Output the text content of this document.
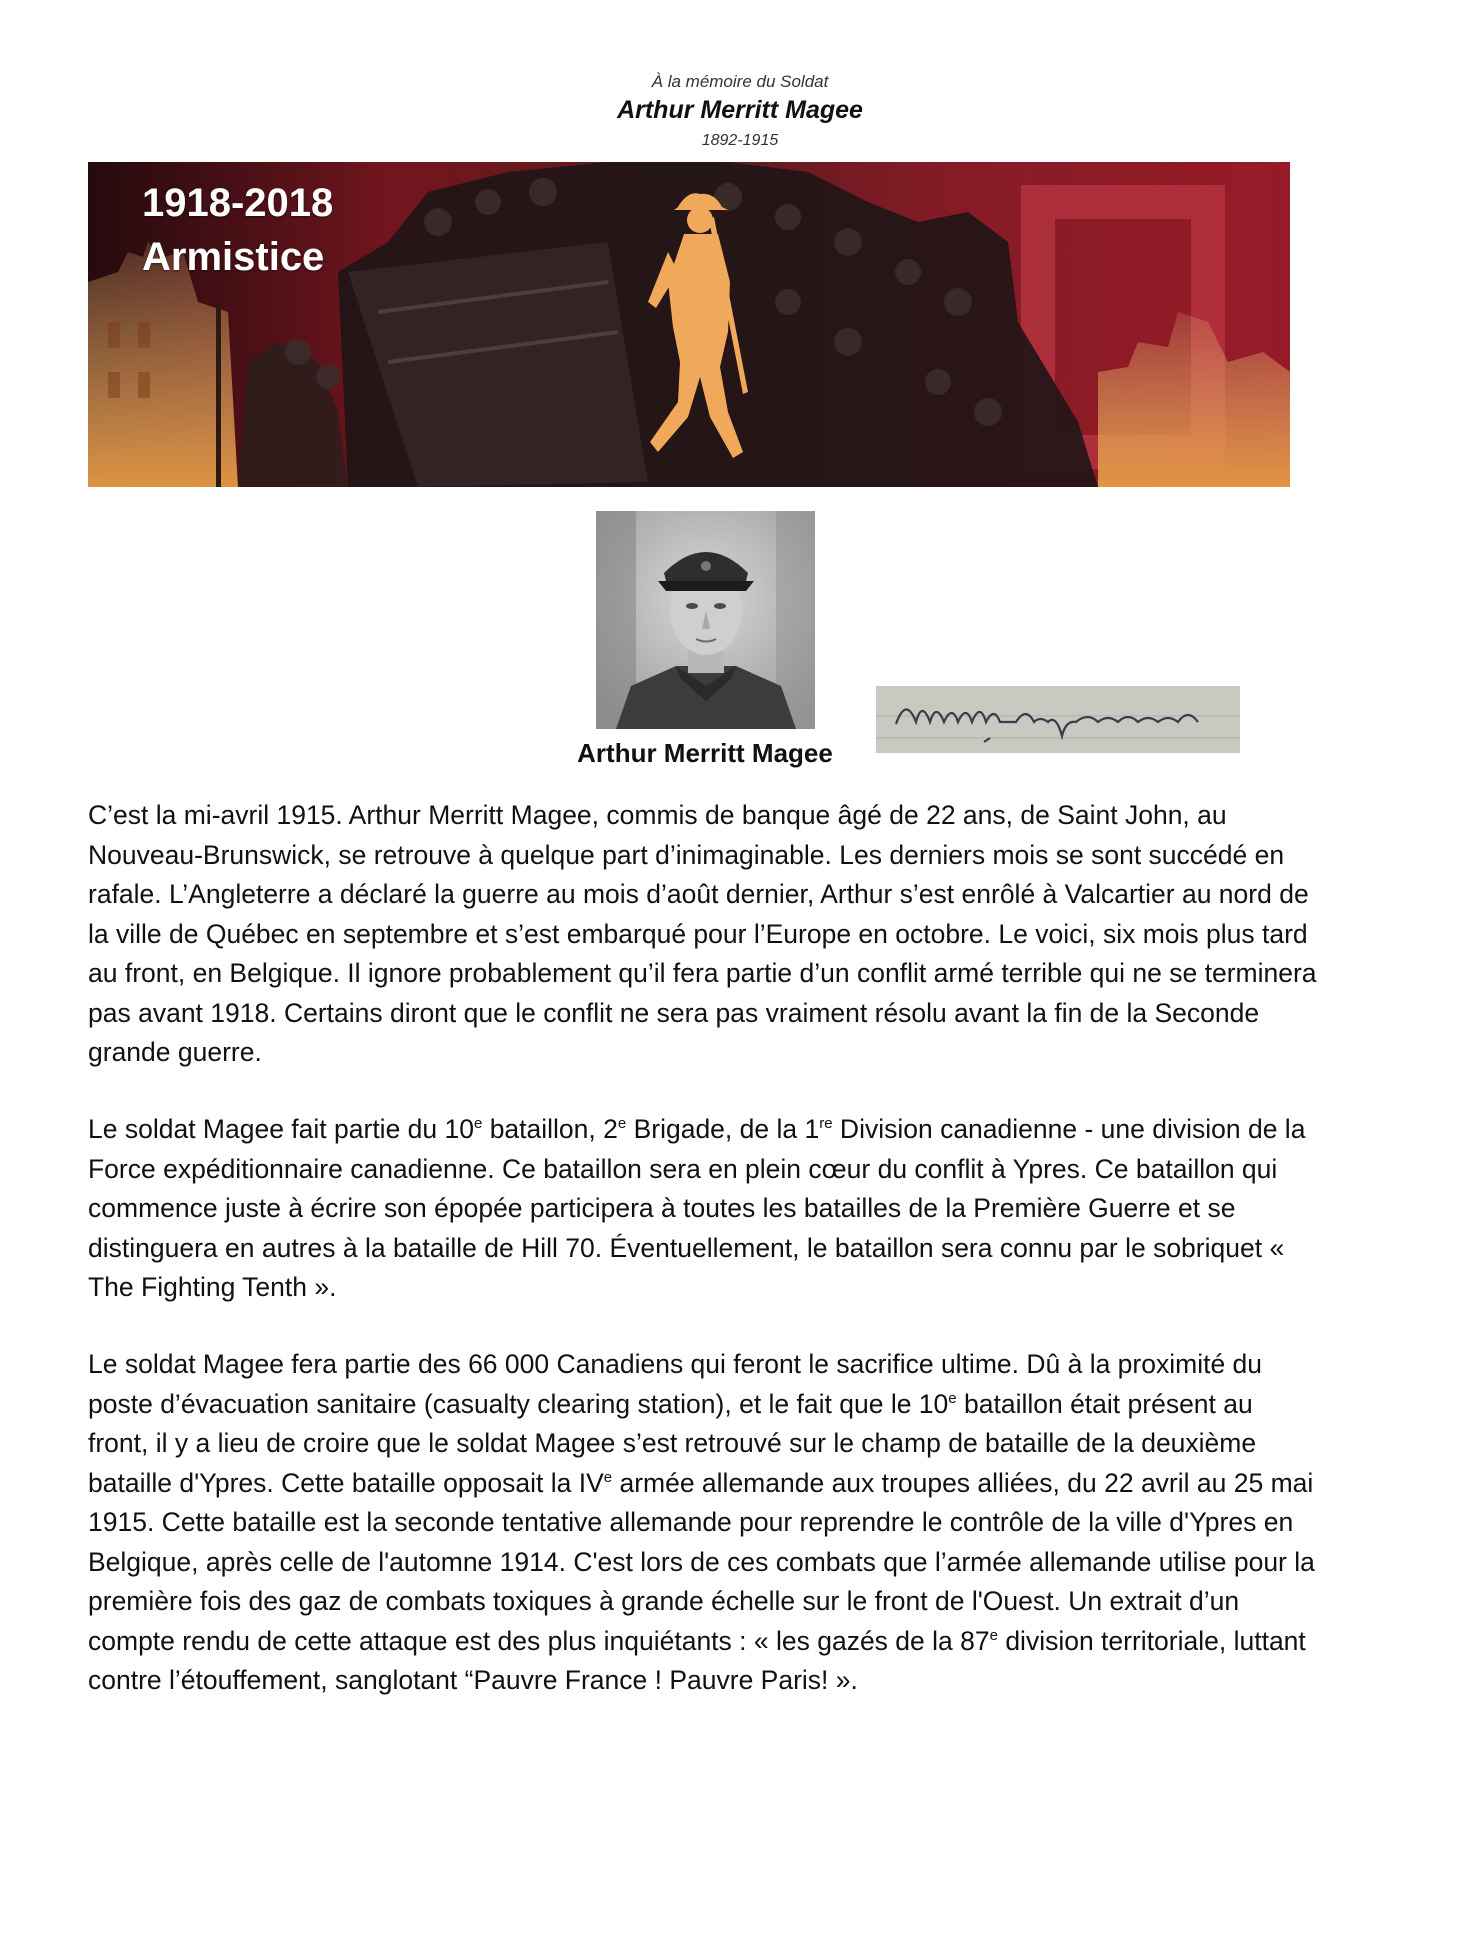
À la mémoire du Soldat
Arthur Merritt Magee
1892-1915
1918-2018
Armistice
Arthur Merritt Magee

C’est la mi-avril 1915. Arthur Merritt Magee, commis de banque âgé de 22 ans, de Saint John, au Nouveau-Brunswick, se retrouve à quelque part d’inimaginable. Les derniers mois se sont succédé en rafale. L’Angleterre a déclaré la guerre au mois d’août dernier, Arthur s’est enrôlé à Valcartier au nord de la ville de Québec en septembre et s’est embarqué pour l’Europe en octobre. Le voici, six mois plus tard au front, en Belgique. Il ignore probablement qu’il fera partie d’un conflit armé terrible qui ne se terminera pas avant 1918. Certains diront que le conflit ne sera pas vraiment résolu avant la fin de la Seconde grande guerre.

Le soldat Magee fait partie du 10e bataillon, 2e Brigade, de la 1re Division canadienne - une division de la Force expéditionnaire canadienne. Ce bataillon sera en plein cœur du conflit à Ypres. Ce bataillon qui commence juste à écrire son épopée participera à toutes les batailles de la Première Guerre et se distinguera en autres à la bataille de Hill 70. Éventuellement, le bataillon sera connu par le sobriquet « The Fighting Tenth ».

Le soldat Magee fera partie des 66 000 Canadiens qui feront le sacrifice ultime. Dû à la proximité du poste d’évacuation sanitaire (casualty clearing station), et le fait que le 10e bataillon était présent au front, il y a lieu de croire que le soldat Magee s’est retrouvé sur le champ de bataille de la deuxième bataille d'Ypres. Cette bataille opposait la IVe armée allemande aux troupes alliées, du 22 avril au 25 mai 1915. Cette bataille est la seconde tentative allemande pour reprendre le contrôle de la ville d'Ypres en Belgique, après celle de l'automne 1914. C'est lors de ces combats que l’armée allemande utilise pour la première fois des gaz de combats toxiques à grande échelle sur le front de l'Ouest. Un extrait d’un compte rendu de cette attaque est des plus inquiétants : « les gazés de la 87e division territoriale, luttant contre l’étouffement, sanglotant “Pauvre France ! Pauvre Paris! ».
